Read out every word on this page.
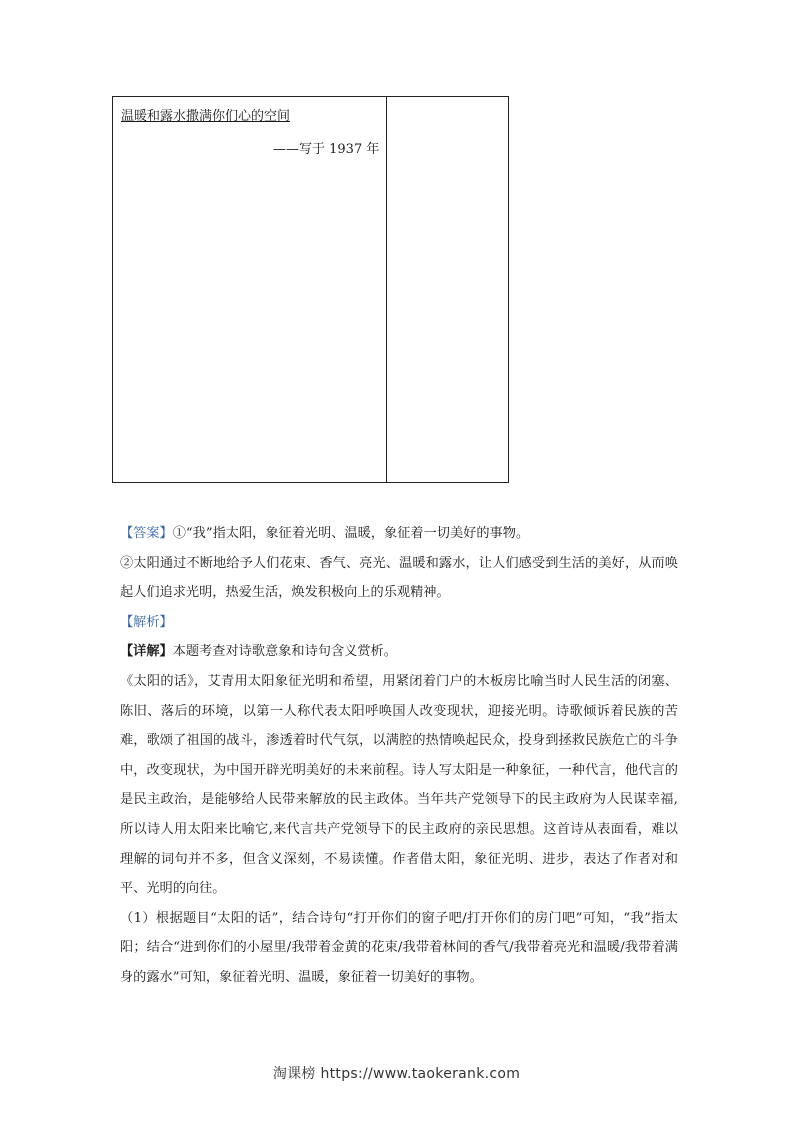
温暖和露水撒满你们心的空间
——写于 1937 年

【答案】①“我”指太阳，象征着光明、温暖，象征着一切美好的事物。

②太阳通过不断地给予人们花束、香气、亮光、温暖和露水，让人们感受到生活的美好，从而唤起人们追求光明，热爱生活，焕发积极向上的乐观精神。

【解析】

【详解】本题考查对诗歌意象和诗句含义赏析。

《太阳的话》，艾青用太阳象征光明和希望，用紧闭着门户的木板房比喻当时人民生活的闭塞、陈旧、落后的环境，以第一人称代表太阳呼唤国人改变现状，迎接光明。诗歌倾诉着民族的苦难，歌颂了祖国的战斗，渗透着时代气氛，以满腔的热情唤起民众，投身到拯救民族危亡的斗争中，改变现状，为中国开辟光明美好的未来前程。诗人写太阳是一种象征，一种代言，他代言的是民主政治，是能够给人民带来解放的民主政体。当年共产党领导下的民主政府为人民谋幸福,所以诗人用太阳来比喻它,来代言共产党领导下的民主政府的亲民思想。这首诗从表面看，难以理解的词句并不多，但含义深刻，不易读懂。作者借太阳，象征光明、进步，表达了作者对和平、光明的向往。

（1）根据题目“太阳的话”，结合诗句“打开你们的窗子吧/打开你们的房门吧”可知，“我”指太阳；结合“进到你们的小屋里/我带着金黄的花束/我带着林间的香气/我带着亮光和温暖/我带着满身的露水”可知，象征着光明、温暖，象征着一切美好的事物。

淘课榜 https://www.taokerank.com
